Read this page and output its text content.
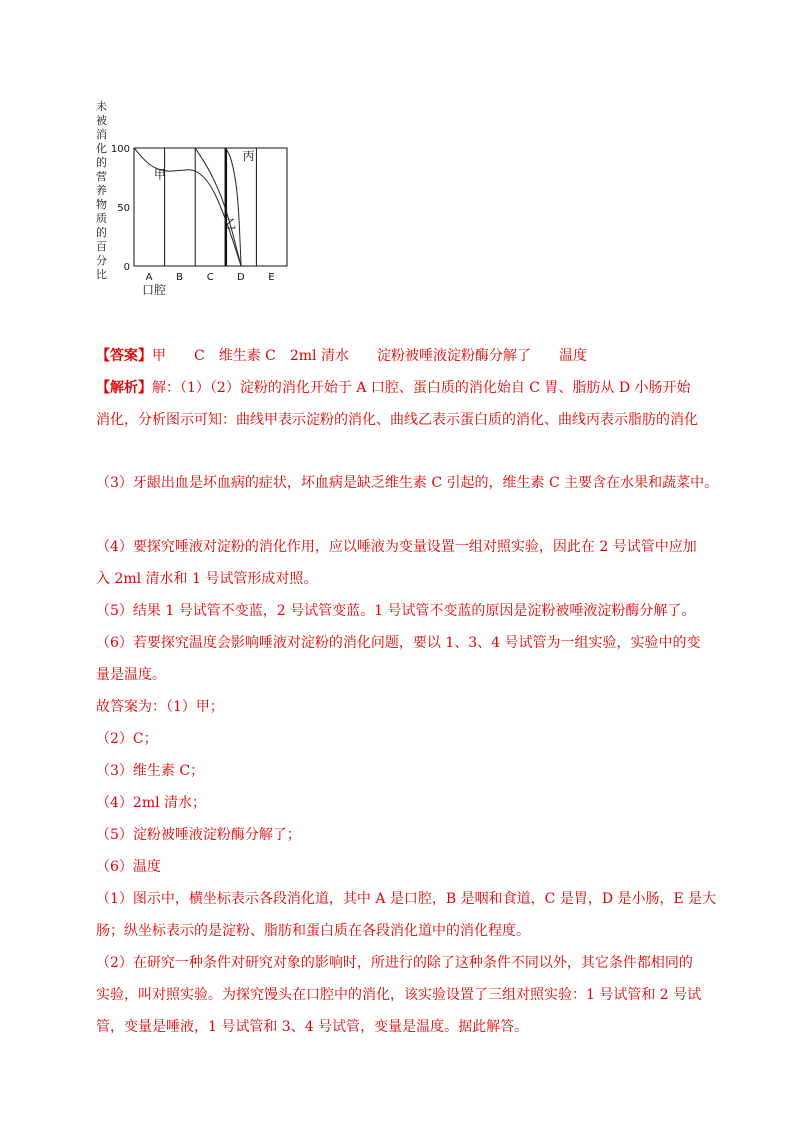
未
被
消
化
的
营
养
物
质
的
百
分
比
100
50
0
A B C D E
口腔
甲
乙
丙
【答案】甲　　C　维生素 C　2ml 清水　　淀粉被唾液淀粉酶分解了　　温度
【解析】解：（1）（2）淀粉的消化开始于 A 口腔、蛋白质的消化始自 C 胃、脂肪从 D 小肠开始
消化，分析图示可知：曲线甲表示淀粉的消化、曲线乙表示蛋白质的消化、曲线丙表示脂肪的消化
（3）牙龈出血是坏血病的症状，坏血病是缺乏维生素 C 引起的，维生素 C 主要含在水果和蔬菜中。
（4）要探究唾液对淀粉的消化作用，应以唾液为变量设置一组对照实验，因此在 2 号试管中应加
入 2ml 清水和 1 号试管形成对照。
（5）结果 1 号试管不变蓝，2 号试管变蓝。1 号试管不变蓝的原因是淀粉被唾液淀粉酶分解了。
（6）若要探究温度会影响唾液对淀粉的消化问题，要以 1、3、4 号试管为一组实验，实验中的变
量是温度。
故答案为：（1）甲；
（2）C；
（3）维生素 C；
（4）2ml 清水；
（5）淀粉被唾液淀粉酶分解了；
（6）温度
（1）图示中，横坐标表示各段消化道，其中 A 是口腔，B 是咽和食道，C 是胃，D 是小肠，E 是大
肠；纵坐标表示的是淀粉、脂肪和蛋白质在各段消化道中的消化程度。
（2）在研究一种条件对研究对象的影响时，所进行的除了这种条件不同以外，其它条件都相同的
实验，叫对照实验。为探究馒头在口腔中的消化，该实验设置了三组对照实验：1 号试管和 2 号试
管，变量是唾液，1 号试管和 3、4 号试管，变量是温度。据此解答。
